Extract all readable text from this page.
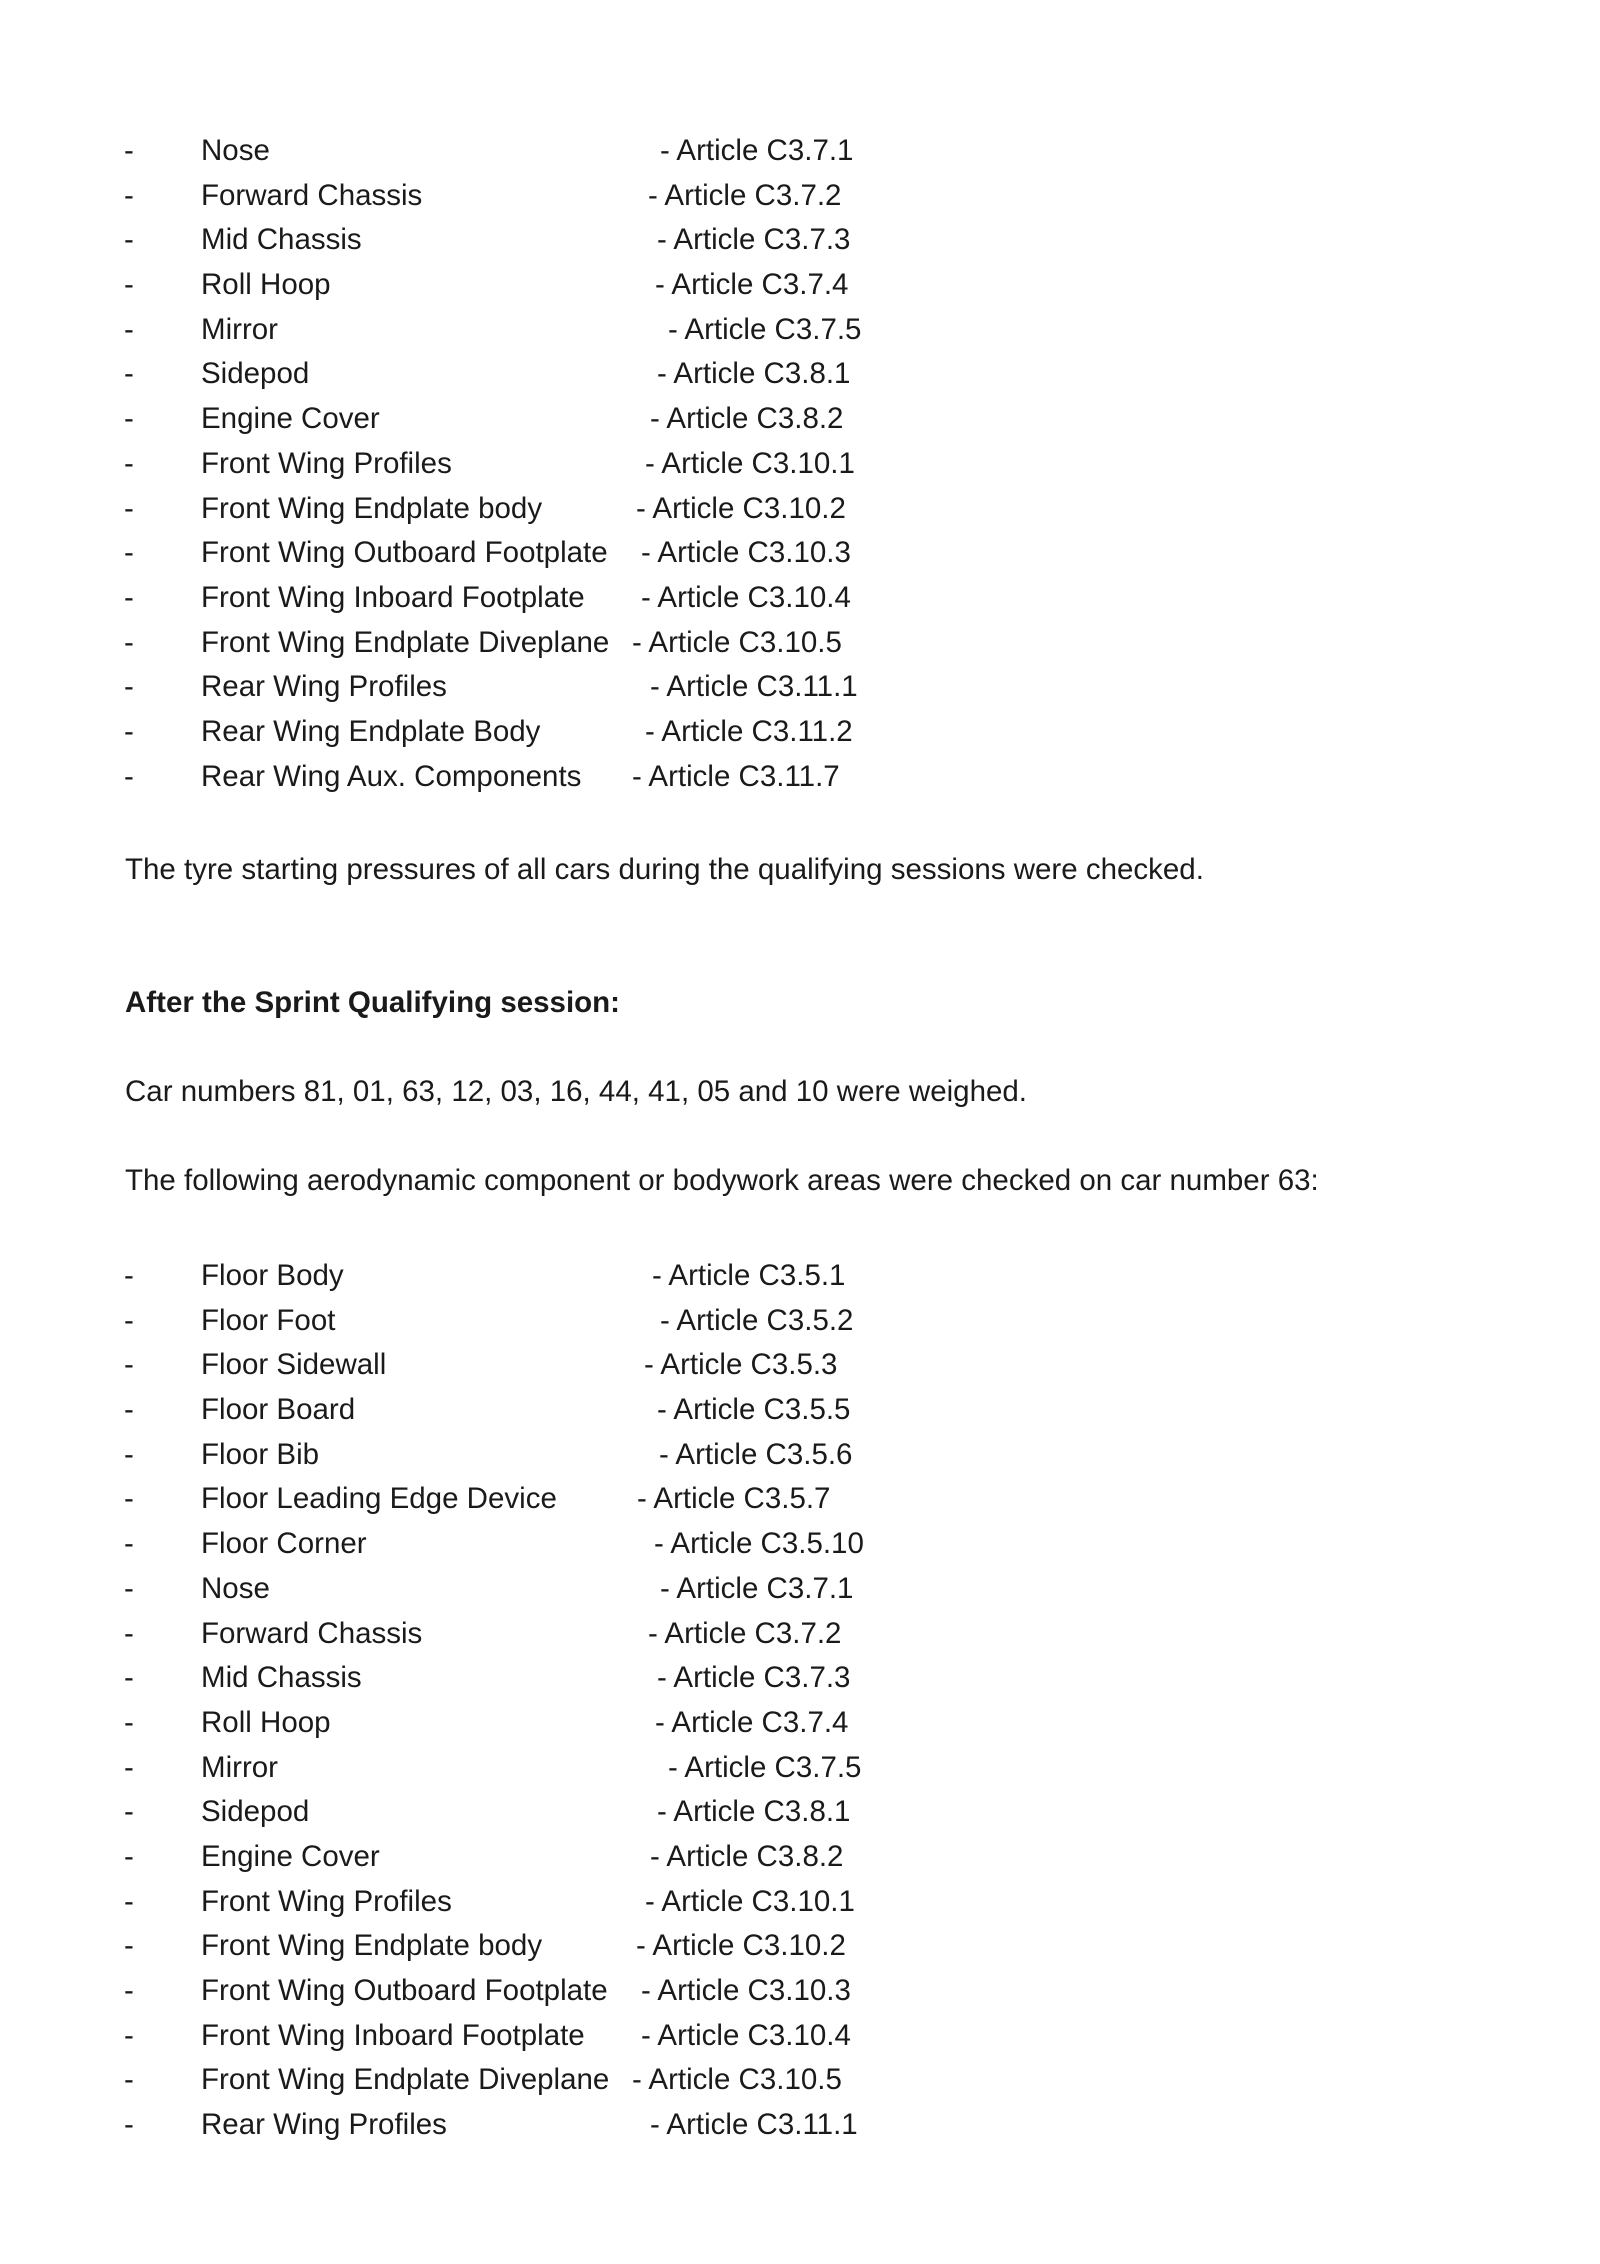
- Nose	- Article C3.7.1
- Forward Chassis	- Article C3.7.2
- Mid Chassis	- Article C3.7.3
- Roll Hoop	- Article C3.7.4
- Mirror	- Article C3.7.5
- Sidepod	- Article C3.8.1
- Engine Cover	- Article C3.8.2
- Front Wing Profiles	- Article C3.10.1
- Front Wing Endplate body	- Article C3.10.2
- Front Wing Outboard Footplate - Article C3.10.3
- Front Wing Inboard Footplate - Article C3.10.4
- Front Wing Endplate Diveplane - Article C3.10.5
- Rear Wing Profiles	- Article C3.11.1
- Rear Wing Endplate Body	- Article C3.11.2
- Rear Wing Aux. Components - Article C3.11.7
The tyre starting pressures of all cars during the qualifying sessions were checked.
After the Sprint Qualifying session:
Car numbers 81, 01, 63, 12, 03, 16, 44, 41, 05 and 10 were weighed.
The following aerodynamic component or bodywork areas were checked on car number 63:
- Floor Body	- Article C3.5.1
- Floor Foot	- Article C3.5.2
- Floor Sidewall	- Article C3.5.3
- Floor Board	- Article C3.5.5
- Floor Bib	- Article C3.5.6
- Floor Leading Edge Device	- Article C3.5.7
- Floor Corner	- Article C3.5.10
- Nose	- Article C3.7.1
- Forward Chassis	- Article C3.7.2
- Mid Chassis	- Article C3.7.3
- Roll Hoop	- Article C3.7.4
- Mirror	- Article C3.7.5
- Sidepod	- Article C3.8.1
- Engine Cover	- Article C3.8.2
- Front Wing Profiles	- Article C3.10.1
- Front Wing Endplate body	- Article C3.10.2
- Front Wing Outboard Footplate - Article C3.10.3
- Front Wing Inboard Footplate - Article C3.10.4
- Front Wing Endplate Diveplane - Article C3.10.5
- Rear Wing Profiles	- Article C3.11.1
